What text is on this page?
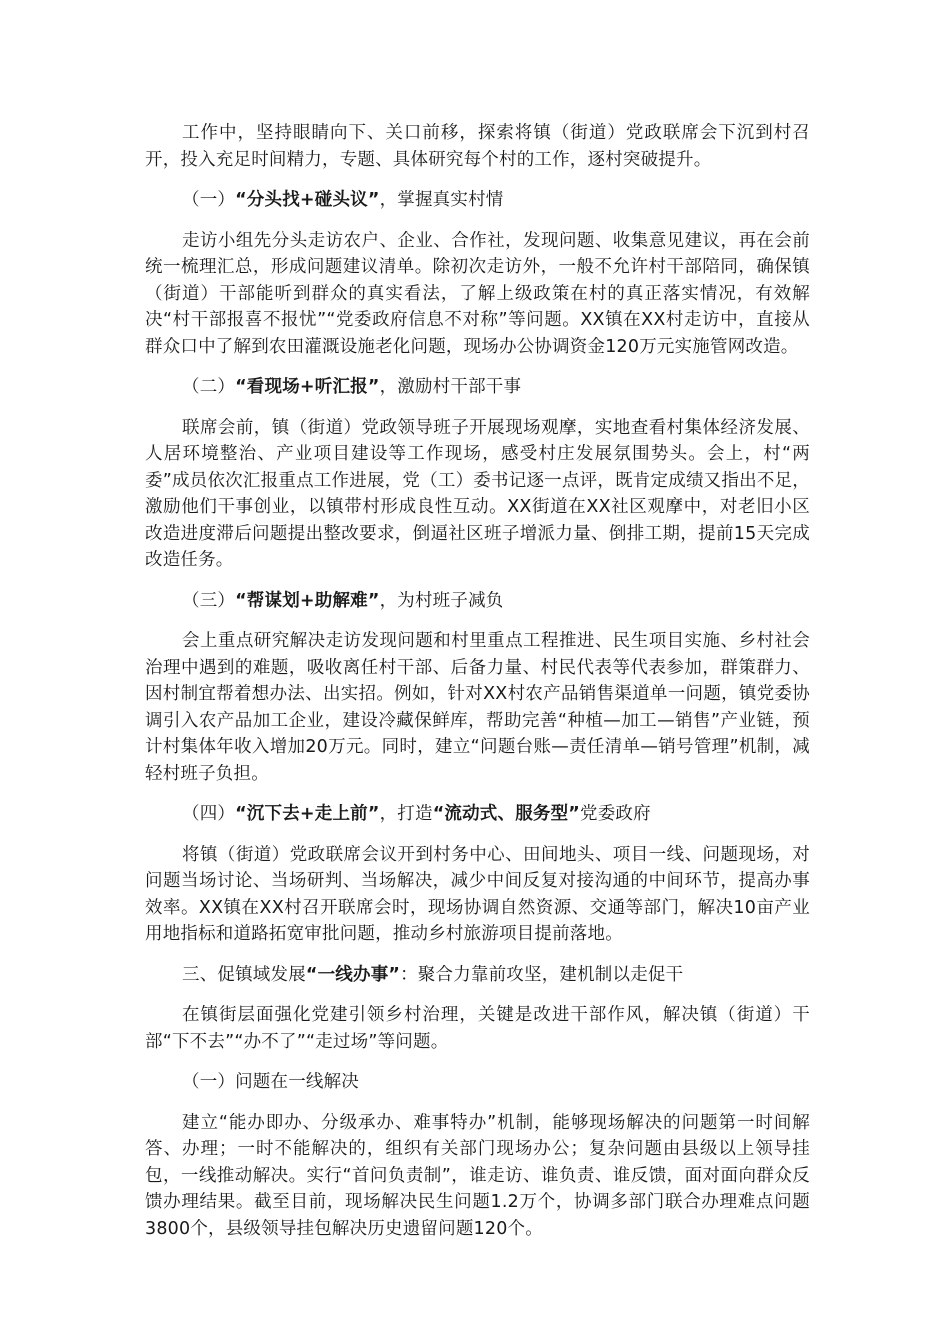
工作中，坚持眼睛向下、关口前移，探索将镇（街道）党政联席会下沉到村召开，投入充足时间精力，专题、具体研究每个村的工作，逐村突破提升。

（一）“分头找+碰头议”，掌握真实村情

走访小组先分头走访农户、企业、合作社，发现问题、收集意见建议，再在会前统一梳理汇总，形成问题建议清单。除初次走访外，一般不允许村干部陪同，确保镇（街道）干部能听到群众的真实看法，了解上级政策在村的真正落实情况，有效解决“村干部报喜不报忧”“党委政府信息不对称”等问题。XX镇在XX村走访中，直接从群众口中了解到农田灌溉设施老化问题，现场办公协调资金120万元实施管网改造。

（二）“看现场+听汇报”，激励村干部干事

联席会前，镇（街道）党政领导班子开展现场观摩，实地查看村集体经济发展、人居环境整治、产业项目建设等工作现场，感受村庄发展氛围势头。会上，村“两委”成员依次汇报重点工作进展，党（工）委书记逐一点评，既肯定成绩又指出不足，激励他们干事创业，以镇带村形成良性互动。XX街道在XX社区观摩中，对老旧小区改造进度滞后问题提出整改要求，倒逼社区班子增派力量、倒排工期，提前15天完成改造任务。

（三）“帮谋划+助解难”，为村班子减负

会上重点研究解决走访发现问题和村里重点工程推进、民生项目实施、乡村社会治理中遇到的难题，吸收离任村干部、后备力量、村民代表等代表参加，群策群力、因村制宜帮着想办法、出实招。例如，针对XX村农产品销售渠道单一问题，镇党委协调引入农产品加工企业，建设冷藏保鲜库，帮助完善“种植—加工—销售”产业链，预计村集体年收入增加20万元。同时，建立“问题台账—责任清单—销号管理”机制，减轻村班子负担。

（四）“沉下去+走上前”，打造“流动式、服务型”党委政府

将镇（街道）党政联席会议开到村务中心、田间地头、项目一线、问题现场，对问题当场讨论、当场研判、当场解决，减少中间反复对接沟通的中间环节，提高办事效率。XX镇在XX村召开联席会时，现场协调自然资源、交通等部门，解决10亩产业用地指标和道路拓宽审批问题，推动乡村旅游项目提前落地。

三、促镇域发展“一线办事”：聚合力靠前攻坚，建机制以走促干

在镇街层面强化党建引领乡村治理，关键是改进干部作风，解决镇（街道）干部“下不去”“办不了”“走过场”等问题。

（一）问题在一线解决

建立“能办即办、分级承办、难事特办”机制，能够现场解决的问题第一时间解答、办理；一时不能解决的，组织有关部门现场办公；复杂问题由县级以上领导挂包，一线推动解决。实行“首问负责制”，谁走访、谁负责、谁反馈，面对面向群众反馈办理结果。截至目前，现场解决民生问题1.2万个，协调多部门联合办理难点问题3800个，县级领导挂包解决历史遗留问题120个。
